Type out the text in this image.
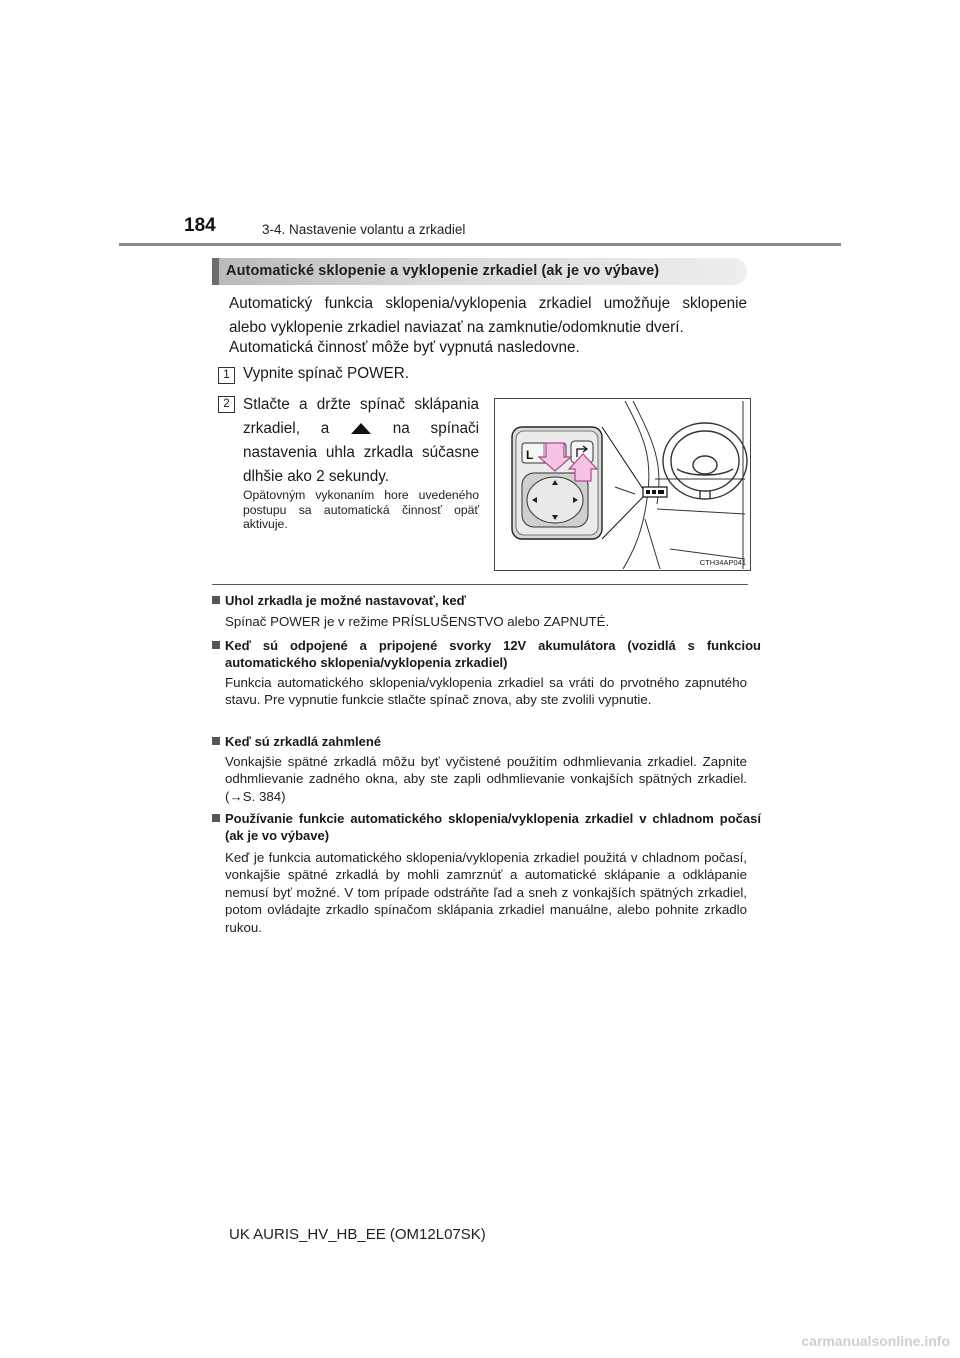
184	3-4. Nastavenie volantu a zrkadiel
Automatické sklopenie a vyklopenie zrkadiel (ak je vo výbave)
Automatický funkcia sklopenia/vyklopenia zrkadiel umožňuje sklopenie alebo vyklopenie zrkadiel naviazať na zamknutie/odomknutie dverí.
Automatická činnosť môže byť vypnutá nasledovne.
1 Vypnite spínač POWER.
2 Stlačte a držte spínač sklápania zrkadiel, a	na spínači nastavenia uhla zrkadla súčasne dlhšie ako 2 sekundy.
Opätovným vykonaním hore uvedeného postupu sa automatická činnosť opäť aktivuje.
L
CTH34AP041
Uhol zrkadla je možné nastavovať, keď
Spínač POWER je v režime PRÍSLUŠENSTVO alebo ZAPNUTÉ.
Keď sú odpojené a pripojené svorky 12V akumulátora (vozidlá s funkciou automatického sklopenia/vyklopenia zrkadiel)
Funkcia automatického sklopenia/vyklopenia zrkadiel sa vráti do prvotného zapnutého stavu. Pre vypnutie funkcie stlačte spínač znova, aby ste zvolili vypnutie.
Keď sú zrkadlá zahmlené
Vonkajšie spätné zrkadlá môžu byť vyčistené použitím odhmlievania zrkadiel. Zapnite odhmlievanie zadného okna, aby ste zapli odhmlievanie vonkajších spätných zrkadiel. (→S. 384)
Používanie funkcie automatického sklopenia/vyklopenia zrkadiel v chladnom počasí (ak je vo výbave)
Keď je funkcia automatického sklopenia/vyklopenia zrkadiel použitá v chladnom počasí, vonkajšie spätné zrkadlá by mohli zamrznúť a automatické sklápanie a odklápanie nemusí byť možné. V tom prípade odstráňte ľad a sneh z vonkajších spätných zrkadiel, potom ovládajte zrkadlo spínačom sklápania zrkadiel manuálne, alebo pohnite zrkadlo rukou.
UK AURIS_HV_HB_EE (OM12L07SK)
carmanualsonline.info
